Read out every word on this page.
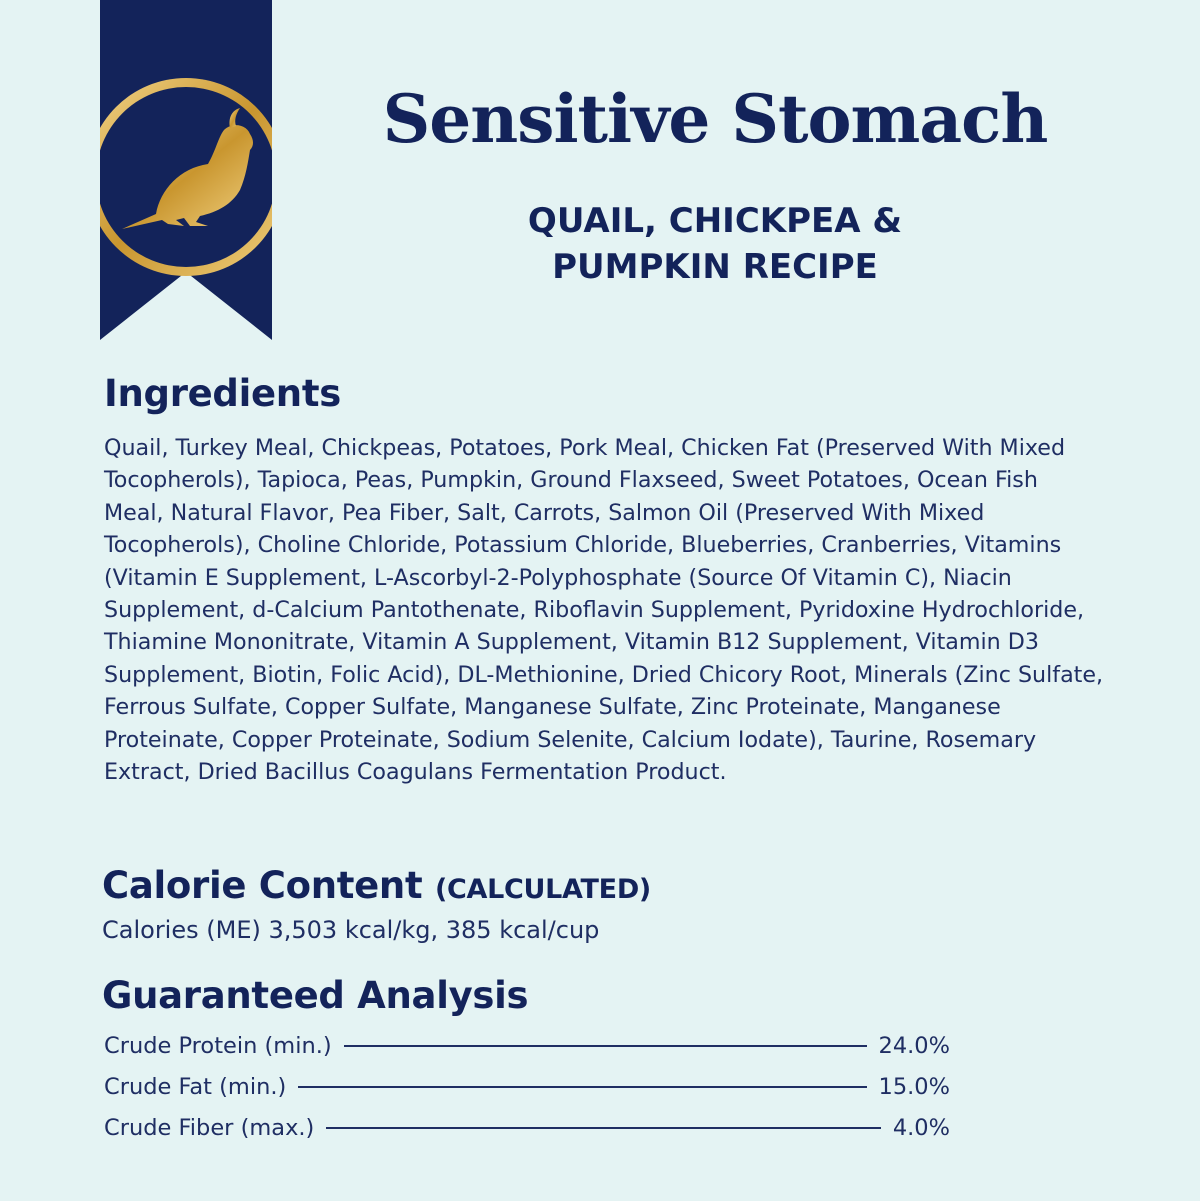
Sensitive Stomach
QUAIL, CHICKPEA &
PUMPKIN RECIPE
Ingredients

Quail, Turkey Meal, Chickpeas, Potatoes, Pork Meal, Chicken Fat (Preserved With Mixed Tocopherols), Tapioca, Peas, Pumpkin, Ground Flaxseed, Sweet Potatoes, Ocean Fish Meal, Natural Flavor, Pea Fiber, Salt, Carrots, Salmon Oil (Preserved With Mixed Tocopherols), Choline Chloride, Potassium Chloride, Blueberries, Cranberries, Vitamins (Vitamin E Supplement, L-Ascorbyl-2-Polyphosphate (Source Of Vitamin C), Niacin Supplement, d-Calcium Pantothenate, Riboflavin Supplement, Pyridoxine Hydrochloride, Thiamine Mononitrate, Vitamin A Supplement, Vitamin B12 Supplement, Vitamin D3 Supplement, Biotin, Folic Acid), DL-Methionine, Dried Chicory Root, Minerals (Zinc Sulfate, Ferrous Sulfate, Copper Sulfate, Manganese Sulfate, Zinc Proteinate, Manganese Proteinate, Copper Proteinate, Sodium Selenite, Calcium Iodate), Taurine, Rosemary Extract, Dried Bacillus Coagulans Fermentation Product.

Calorie Content (CALCULATED)

Calories (ME) 3,503 kcal/kg, 385 kcal/cup

Guaranteed Analysis
Crude Protein (min.)	24.0%
Crude Fat (min.)	15.0%
Crude Fiber (max.)	4.0%
